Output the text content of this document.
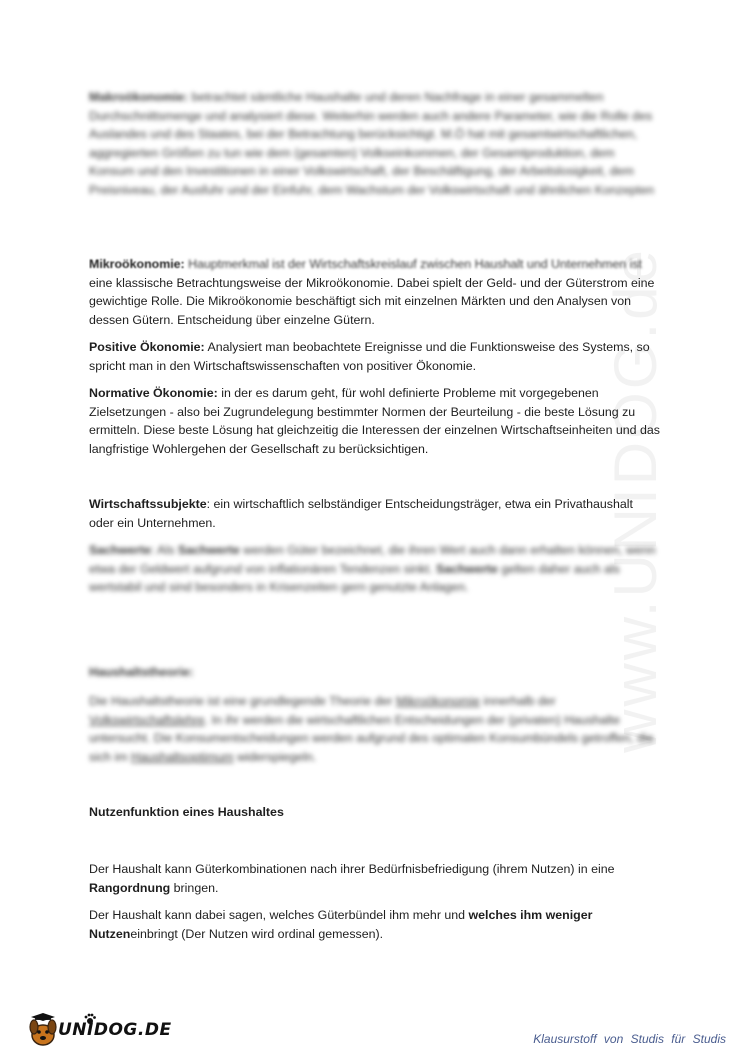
www.UNIDOG.de

Makroökonomie: betrachtet sämtliche Haushalte und deren Nachfrage in einer gesammelten Durchschnittsmenge und analysiert diese. Weiterhin werden auch andere Parameter, wie die Rolle des Auslandes und des Staates, bei der Betrachtung berücksichtigt. M.Ö hat mit gesamtwirtschaftlichen, aggregierten Größen zu tun wie dem (gesamten) Volkseinkommen, der Gesamtproduktion, dem Konsum und den Investitionen in einer Volkswirtschaft, der Beschäftigung, der Arbeitslosigkeit, dem Preisniveau, der Ausfuhr und der Einfuhr, dem Wachstum der Volkswirtschaft und ähnlichen Konzepten

Mikroökonomie: Hauptmerkmal ist der Wirtschaftskreislauf zwischen Haushalt und Unternehmen ist
eine klassische Betrachtungsweise der Mikroökonomie. Dabei spielt der Geld- und der Güterstrom eine gewichtige Rolle. Die Mikroökonomie beschäftigt sich mit einzelnen Märkten und den Analysen von dessen Gütern. Entscheidung über einzelne Gütern.

Positive Ökonomie: Analysiert man beobachtete Ereignisse und die Funktionsweise des Systems, so spricht man in den Wirtschaftswissenschaften von positiver Ökonomie.

Normative Ökonomie: in der es darum geht, für wohl definierte Probleme mit vorgegebenen Zielsetzungen - also bei Zugrundelegung bestimmter Normen der Beurteilung - die beste Lösung zu ermitteln. Diese beste Lösung hat gleichzeitig die Interessen der einzelnen Wirtschaftseinheiten und das langfristige Wohlergehen der Gesellschaft zu berücksichtigen.

Wirtschaftssubjekte: ein wirtschaftlich selbständiger Entscheidungsträger, etwa ein Privathaushalt oder ein Unternehmen.

Sachwerte: Als Sachwerte werden Güter bezeichnet, die ihren Wert auch dann erhalten können, wenn etwa der Geldwert aufgrund von inflationären Tendenzen sinkt. Sachwerte gelten daher auch als wertstabil und sind besonders in Krisenzeiten gern genutzte Anlagen.

Haushaltstheorie:

Die Haushaltstheorie ist eine grundlegende Theorie der Mikroökonomie innerhalb der Volkswirtschaftslehre. In ihr werden die wirtschaftlichen Entscheidungen der (privaten) Haushalte untersucht. Die Konsumentscheidungen werden aufgrund des optimalen Konsumbündels getroffen, die sich im Haushaltsoptimum widerspiegeln.

Nutzenfunktion eines Haushaltes

Der Haushalt kann Güterkombinationen nach ihrer Bedürfnisbefriedigung (ihrem Nutzen) in eine Rangordnung bringen.

Der Haushalt kann dabei sagen, welches Güterbündel ihm mehr und welches ihm weniger Nutzeneinbringt (Der Nutzen wird ordinal gemessen).

UNIDOG.DE	Klausurstoff von Studis für Studis
